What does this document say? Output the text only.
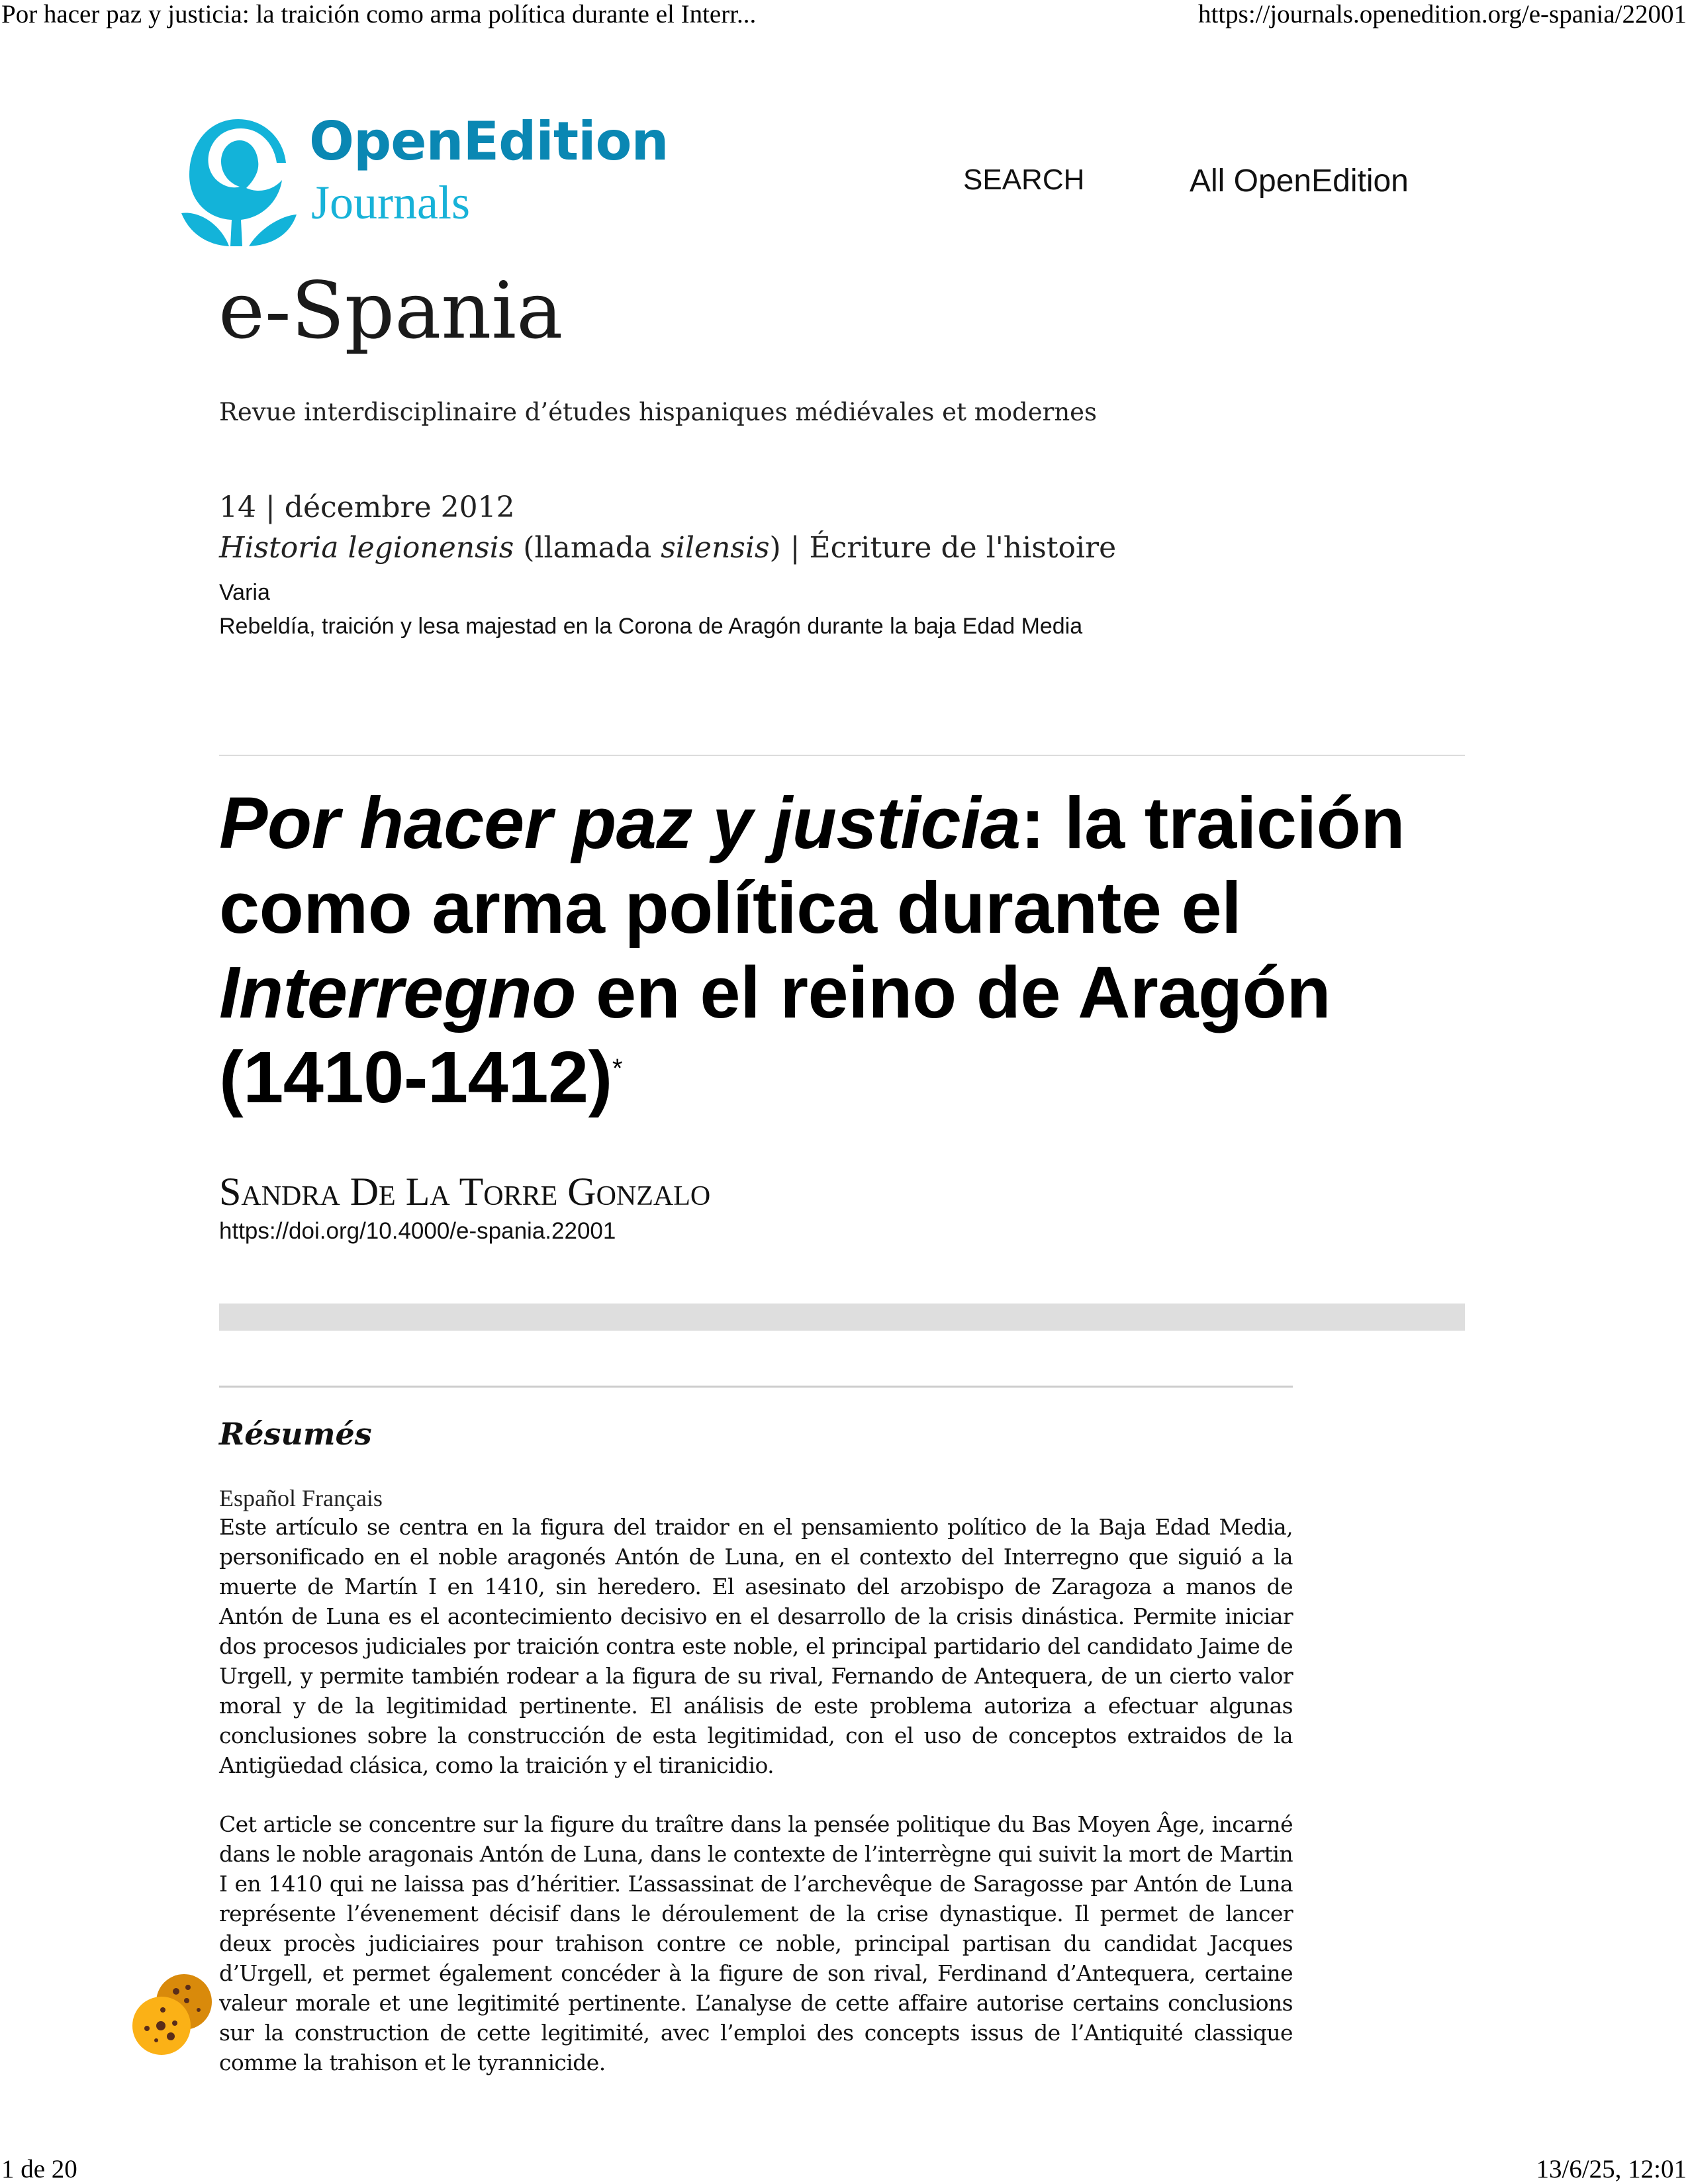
Por hacer paz y justicia: la traición como arma política durante el Interr...	https://journals.openedition.org/e-spania/22001
OpenEdition
Journals	SEARCH	All OpenEdition
e-Spania
Revue interdisciplinaire d’études hispaniques médiévales et modernes
14 | décembre 2012
Historia legionensis (llamada silensis) | Écriture de l'histoire
Varia
Rebeldía, traición y lesa majestad en la Corona de Aragón durante la baja Edad Media
Por hacer paz y justicia: la traición como arma política durante el Interregno en el reino de Aragón (1410-1412)*
Sandra De La Torre Gonzalo
https://doi.org/10.4000/e-spania.22001
Résumés
Español Français

Este artículo se centra en la figura del traidor en el pensamiento político de la Baja Edad Media, personificado en el noble aragonés Antón de Luna, en el contexto del Interregno que siguió a la muerte de Martín I en 1410, sin heredero. El asesinato del arzobispo de Zaragoza a manos de Antón de Luna es el acontecimiento decisivo en el desarrollo de la crisis dinástica. Permite iniciar dos procesos judiciales por traición contra este noble, el principal partidario del candidato Jaime de Urgell, y permite también rodear a la figura de su rival, Fernando de Antequera, de un cierto valor moral y de la legitimidad pertinente. El análisis de este problema autoriza a efectuar algunas conclusiones sobre la construcción de esta legitimidad, con el uso de conceptos extraidos de la Antigüedad clásica, como la traición y el tiranicidio.

Cet article se concentre sur la figure du traître dans la pensée politique du Bas Moyen Âge, incarné dans le noble aragonais Antón de Luna, dans le contexte de l’interrègne qui suivit la mort de Martin I en 1410 qui ne laissa pas d’héritier. L’assassinat de l’archevêque de Saragosse par Antón de Luna représente l’évenement décisif dans le déroulement de la crise dynastique. Il permet de lancer deux procès judiciaires pour trahison contre ce noble, principal partisan du candidat Jacques d’Urgell, et permet également concéder à la figure de son rival, Ferdinand d’Antequera, certaine valeur morale et une legitimité pertinente. L’analyse de cette affaire autorise certains conclusions sur la construction de cette legitimité, avec l’emploi des concepts issus de l’Antiquité classique comme la trahison et le tyrannicide.

1 de 20	13/6/25, 12:01
